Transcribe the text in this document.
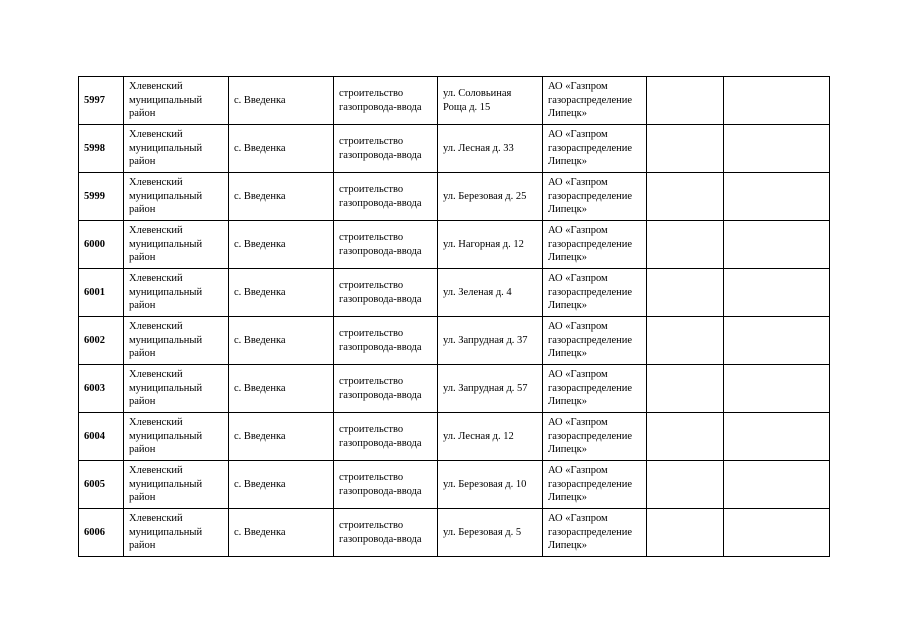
5997	Хлевенский
муниципальный
район	с. Введенка	строительство
газопровода-ввода	ул. Соловьиная
Роща д. 15	АО «Газпром
газораспределение
Липецк»		
5998	Хлевенский
муниципальный
район	с. Введенка	строительство
газопровода-ввода	ул. Лесная д. 33	АО «Газпром
газораспределение
Липецк»		
5999	Хлевенский
муниципальный
район	с. Введенка	строительство
газопровода-ввода	ул. Березовая д. 25	АО «Газпром
газораспределение
Липецк»		
6000	Хлевенский
муниципальный
район	с. Введенка	строительство
газопровода-ввода	ул. Нагорная д. 12	АО «Газпром
газораспределение
Липецк»		
6001	Хлевенский
муниципальный
район	с. Введенка	строительство
газопровода-ввода	ул. Зеленая д. 4	АО «Газпром
газораспределение
Липецк»		
6002	Хлевенский
муниципальный
район	с. Введенка	строительство
газопровода-ввода	ул. Запрудная д. 37	АО «Газпром
газораспределение
Липецк»		
6003	Хлевенский
муниципальный
район	с. Введенка	строительство
газопровода-ввода	ул. Запрудная д. 57	АО «Газпром
газораспределение
Липецк»		
6004	Хлевенский
муниципальный
район	с. Введенка	строительство
газопровода-ввода	ул. Лесная д. 12	АО «Газпром
газораспределение
Липецк»		
6005	Хлевенский
муниципальный
район	с. Введенка	строительство
газопровода-ввода	ул. Березовая д. 10	АО «Газпром
газораспределение
Липецк»		
6006	Хлевенский
муниципальный
район	с. Введенка	строительство
газопровода-ввода	ул. Березовая д. 5	АО «Газпром
газораспределение
Липецк»		
